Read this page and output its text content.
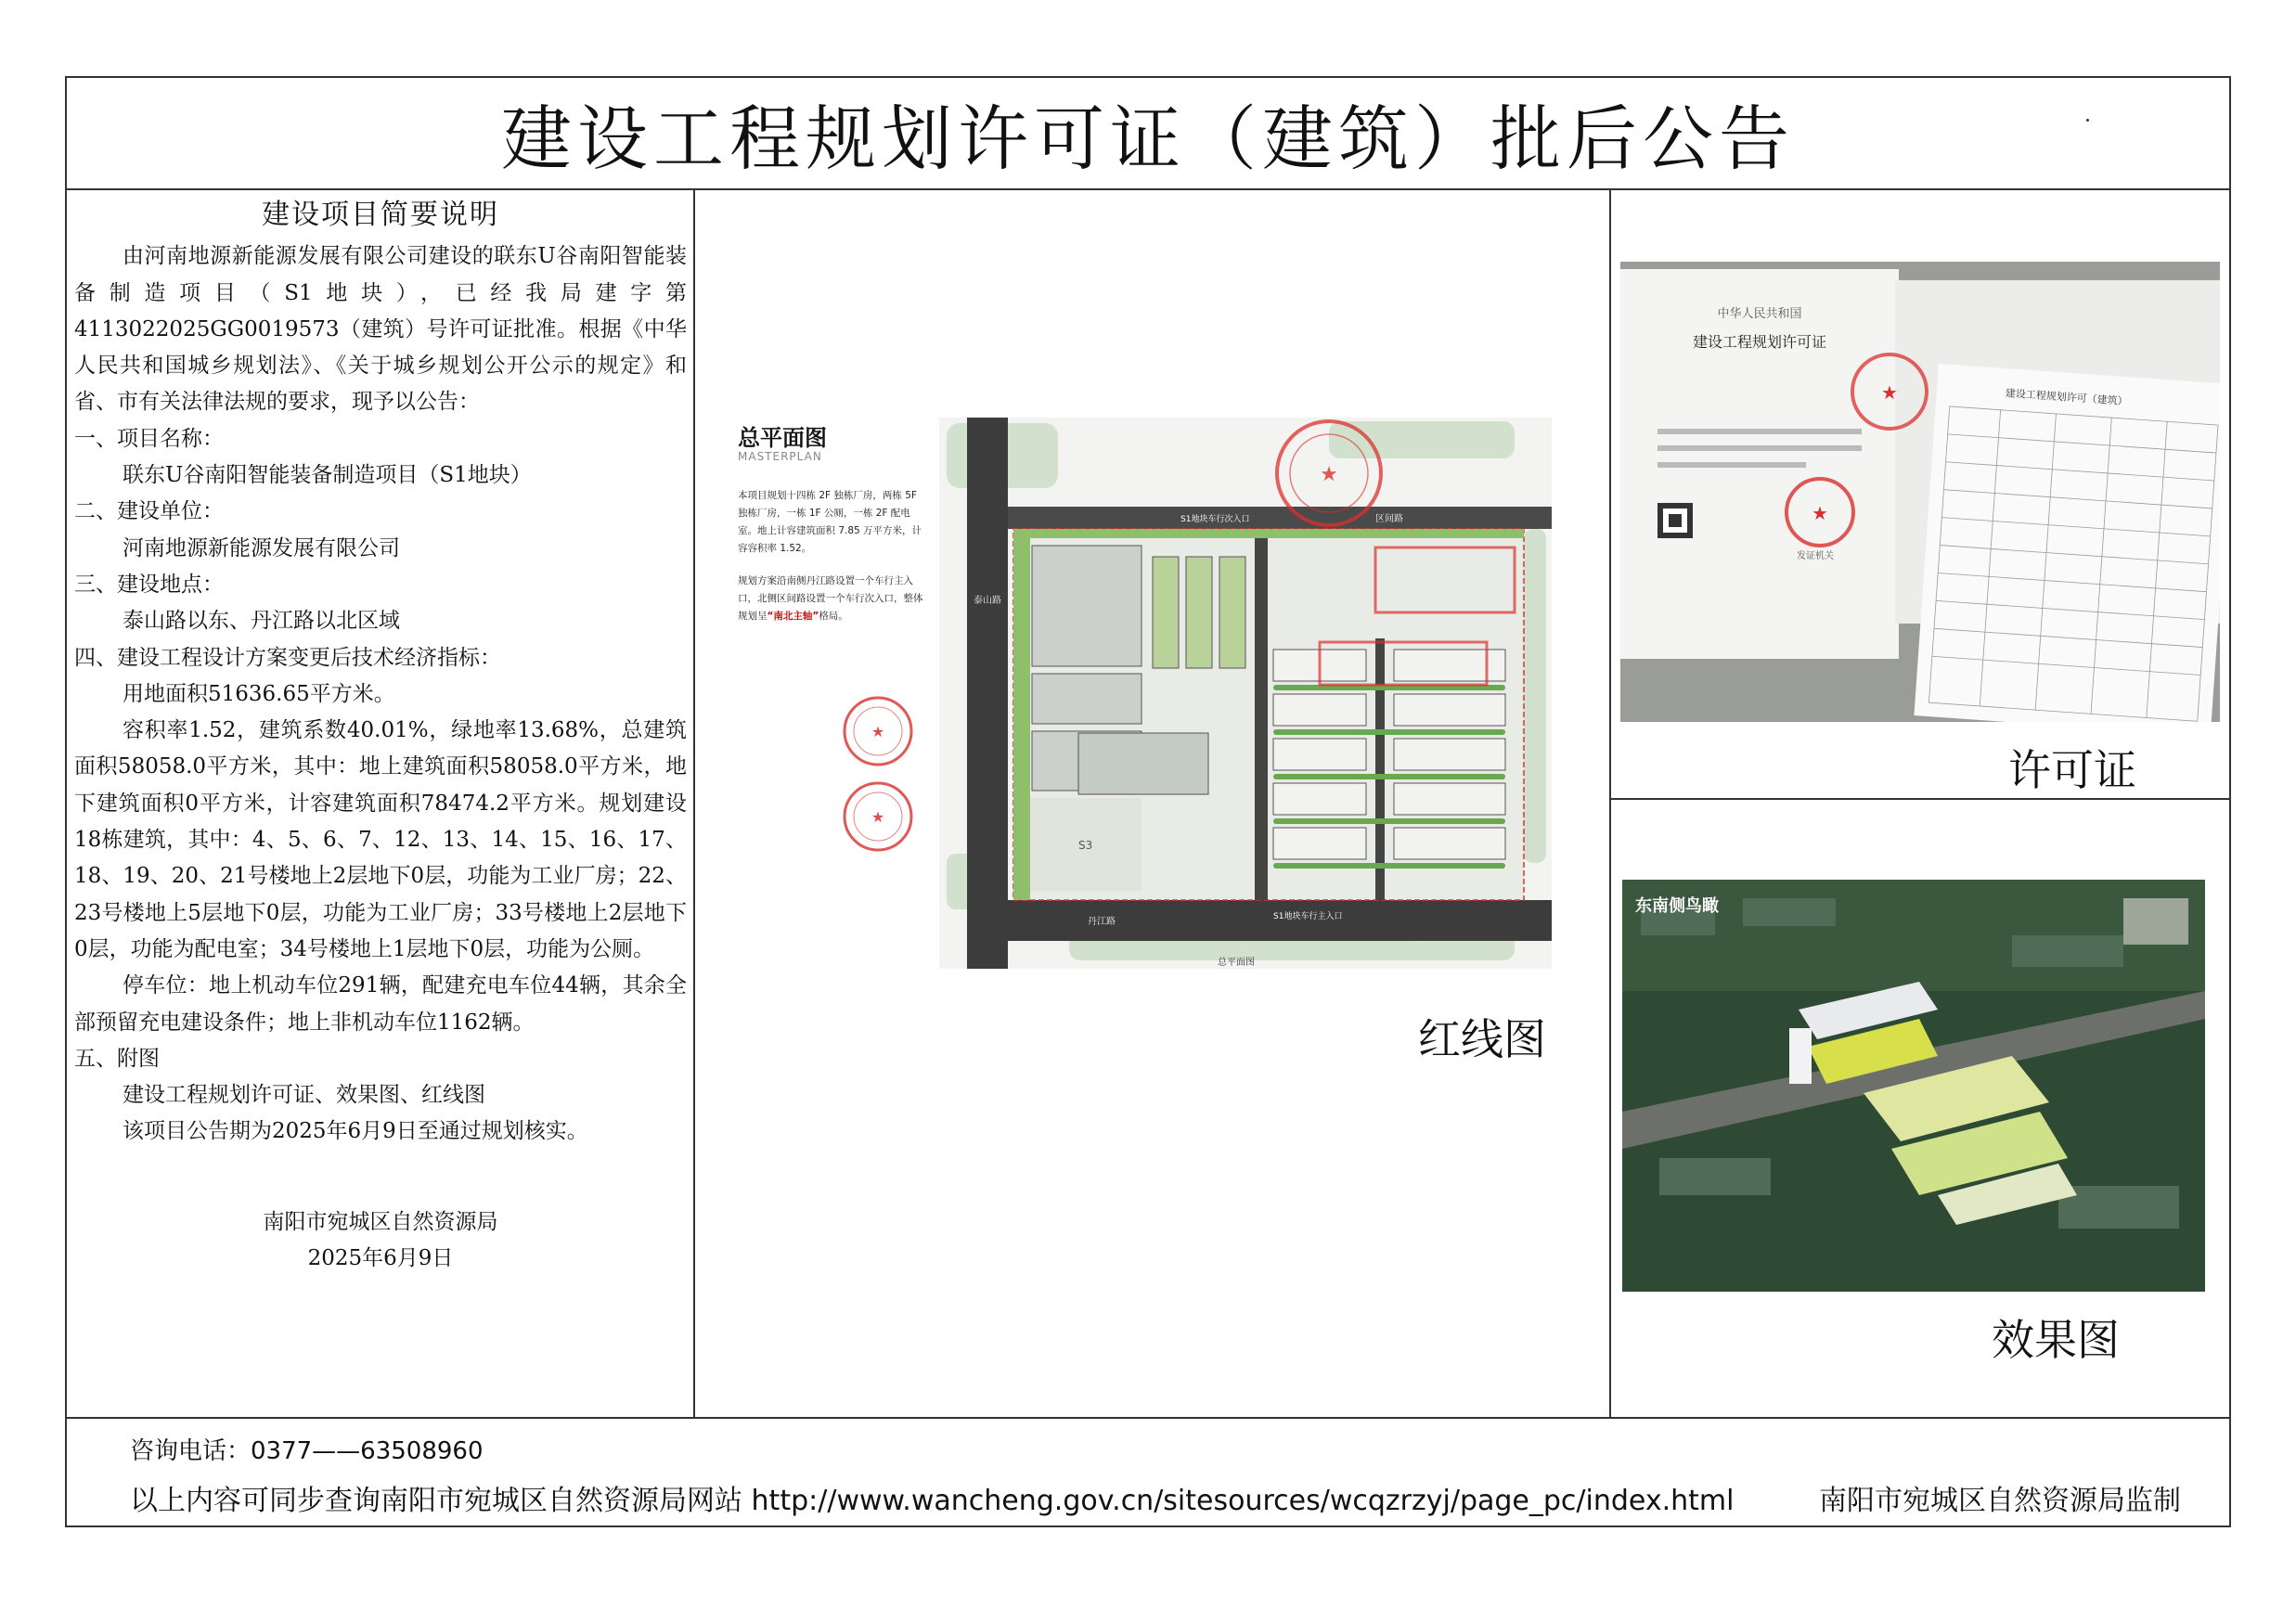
建设工程规划许可证（建筑）批后公告

建设项目简要说明

由河南地源新能源发展有限公司建设的联东U谷南阳智能装备制造项目（S1地块），已经我局建字第4113022025GG0019573（建筑）号许可证批准。根据《中华人民共和国城乡规划法》、《关于城乡规划公开公示的规定》和省、市有关法律法规的要求，现予以公告：

一、项目名称：

联东U谷南阳智能装备制造项目（S1地块）

二、建设单位：

河南地源新能源发展有限公司

三、建设地点：

泰山路以东、丹江路以北区域

四、建设工程设计方案变更后技术经济指标：

用地面积51636.65平方米。

容积率1.52，建筑系数40.01%，绿地率13.68%，总建筑面积58058.0平方米，其中：地上建筑面积58058.0平方米，地下建筑面积0平方米，计容建筑面积78474.2平方米。规划建设18栋建筑，其中：4、5、6、7、12、13、14、15、16、17、18、19、20、21号楼地上2层地下0层，功能为工业厂房；22、23号楼地上5层地下0层，功能为工业厂房；33号楼地上2层地下0层，功能为配电室；34号楼地上1层地下0层，功能为公厕。

停车位：地上机动车位291辆，配建充电车位44辆，其余全部预留充电建设条件；地上非机动车位1162辆。

五、附图

建设工程规划许可证、效果图、红线图

该项目公告期为2025年6月9日至通过规划核实。

南阳市宛城区自然资源局

2025年6月9日

总平面图
MASTERPLAN

本项目规划十四栋 2F 独栋厂房，两栋 5F 独栋厂房，一栋 1F 公厕，一栋 2F 配电室。地上计容建筑面积 7.85 万平方米，计容容积率 1.52。

规划方案沿南侧丹江路设置一个车行主入口，北侧区间路设置一个车行次入口，整体规划呈“南北主轴”格局。

★
★
泰山路
丹江路
区间路
S3
★
S1地块车行次入口
S1地块车行主入口
总平面图
红线图
中华人民共和国
建设工程规划许可证
★
发证机关
建设工程规划许可（建筑）
★
许可证
东南侧鸟瞰
效果图
咨询电话：0377——63508960
以上内容可同步查询南阳市宛城区自然资源局网站 http://www.wancheng.gov.cn/sitesources/wcqzrzyj/page_pc/index.html	南阳市宛城区自然资源局监制
